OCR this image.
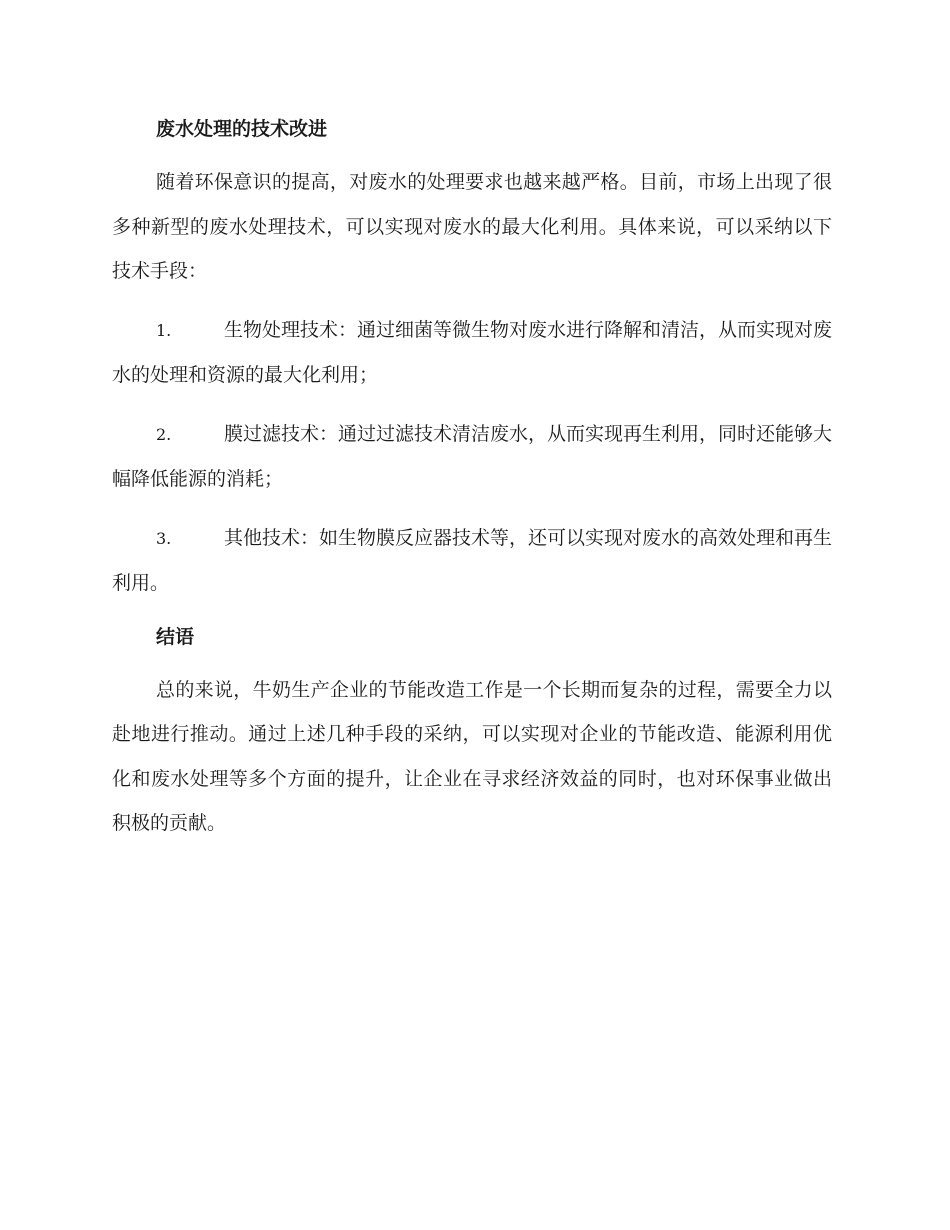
废水处理的技术改进

随着环保意识的提高，对废水的处理要求也越来越严格。目前，市场上出现了很多种新型的废水处理技术，可以实现对废水的最大化利用。具体来说，可以采纳以下技术手段：

1.	生物处理技术：通过细菌等微生物对废水进行降解和清洁，从而实现对废水的处理和资源的最大化利用；

2.	膜过滤技术：通过过滤技术清洁废水，从而实现再生利用，同时还能够大幅降低能源的消耗；

3.	其他技术：如生物膜反应器技术等，还可以实现对废水的高效处理和再生利用。

结语

总的来说，牛奶生产企业的节能改造工作是一个长期而复杂的过程，需要全力以赴地进行推动。通过上述几种手段的采纳，可以实现对企业的节能改造、能源利用优化和废水处理等多个方面的提升，让企业在寻求经济效益的同时，也对环保事业做出积极的贡献。
